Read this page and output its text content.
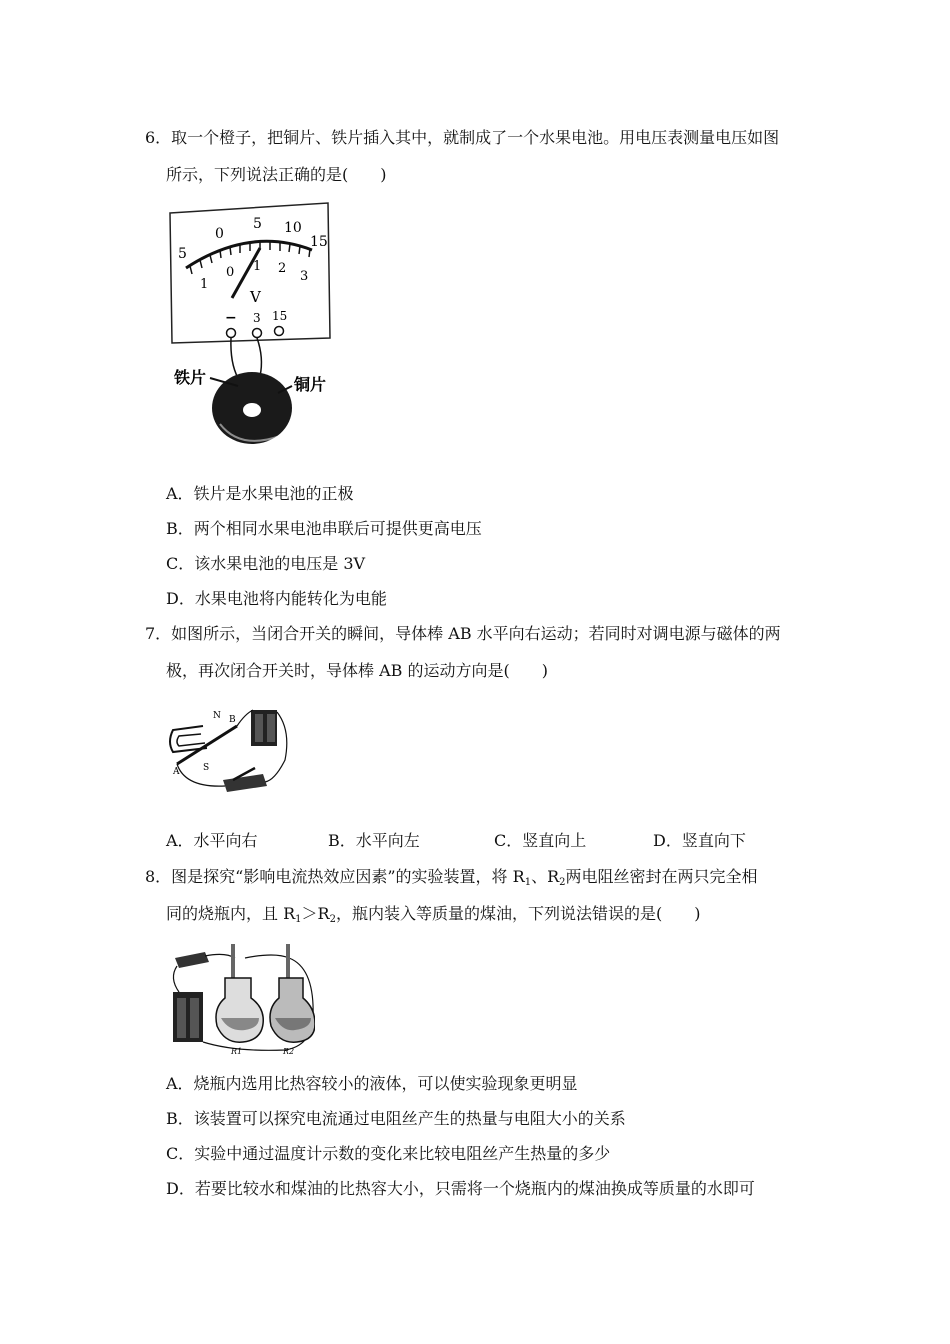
6．取一个橙子，把铜片、铁片插入其中，就制成了一个水果电池。用电压表测量电压如图
所示，下列说法正确的是(　　)
5
0
5 10
15
1
0 1 2
3
V
− 3 15
铁片	铜片
A．铁片是水果电池的正极
B．两个相同水果电池串联后可提供更高电压
C．该水果电池的电压是 3V
D．水果电池将内能转化为电能
7．如图所示，当闭合开关的瞬间，导体棒 AB 水平向右运动；若同时对调电源与磁体的两
极，再次闭合开关时，导体棒 AB 的运动方向是(　　)
N B
A	S
A．水平向右	B．水平向左	C．竖直向上	D．竖直向下
8．图是探究“影响电流热效应因素”的实验装置，将 $R_1$、$R_2$两电阻丝密封在两只完全相
同的烧瓶内，且 $R_1>R_2$，瓶内装入等质量的煤油，下列说法错误的是(　　)
R1	R2
A．烧瓶内选用比热容较小的液体，可以使实验现象更明显
B．该装置可以探究电流通过电阻丝产生的热量与电阻大小的关系
C．实验中通过温度计示数的变化来比较电阻丝产生热量的多少
D．若要比较水和煤油的比热容大小，只需将一个烧瓶内的煤油换成等质量的水即可
